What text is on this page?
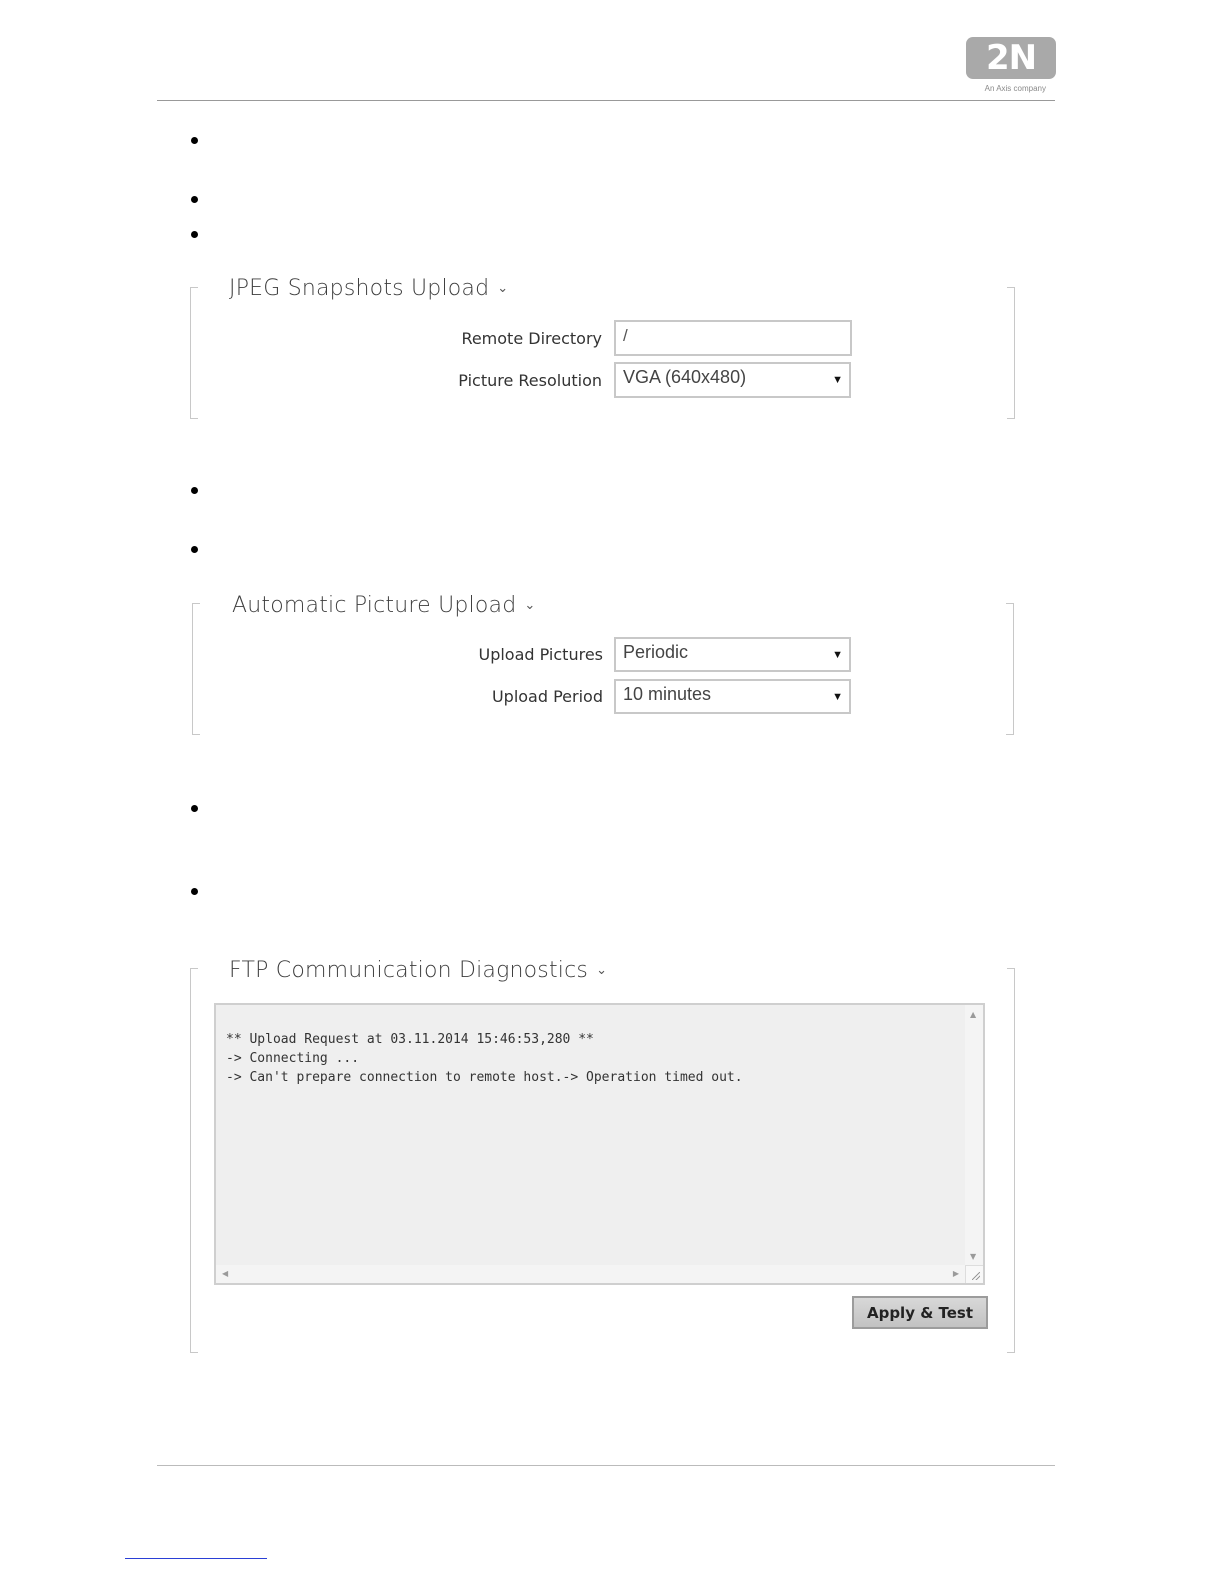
2N
An Axis company
JPEG Snapshots Upload ⌄
Remote Directory	/
Picture Resolution	VGA (640x480)	▼
Automatic Picture Upload ⌄
Upload Pictures	Periodic	▼
Upload Period	10 minutes	▼
FTP Communication Diagnostics ⌄
** Upload Request at 03.11.2014 15:46:53,280 **
-> Connecting ...
-> Can't prepare connection to remote host.-> Operation timed out.
▲
▼
◀	▶
Apply & Test
